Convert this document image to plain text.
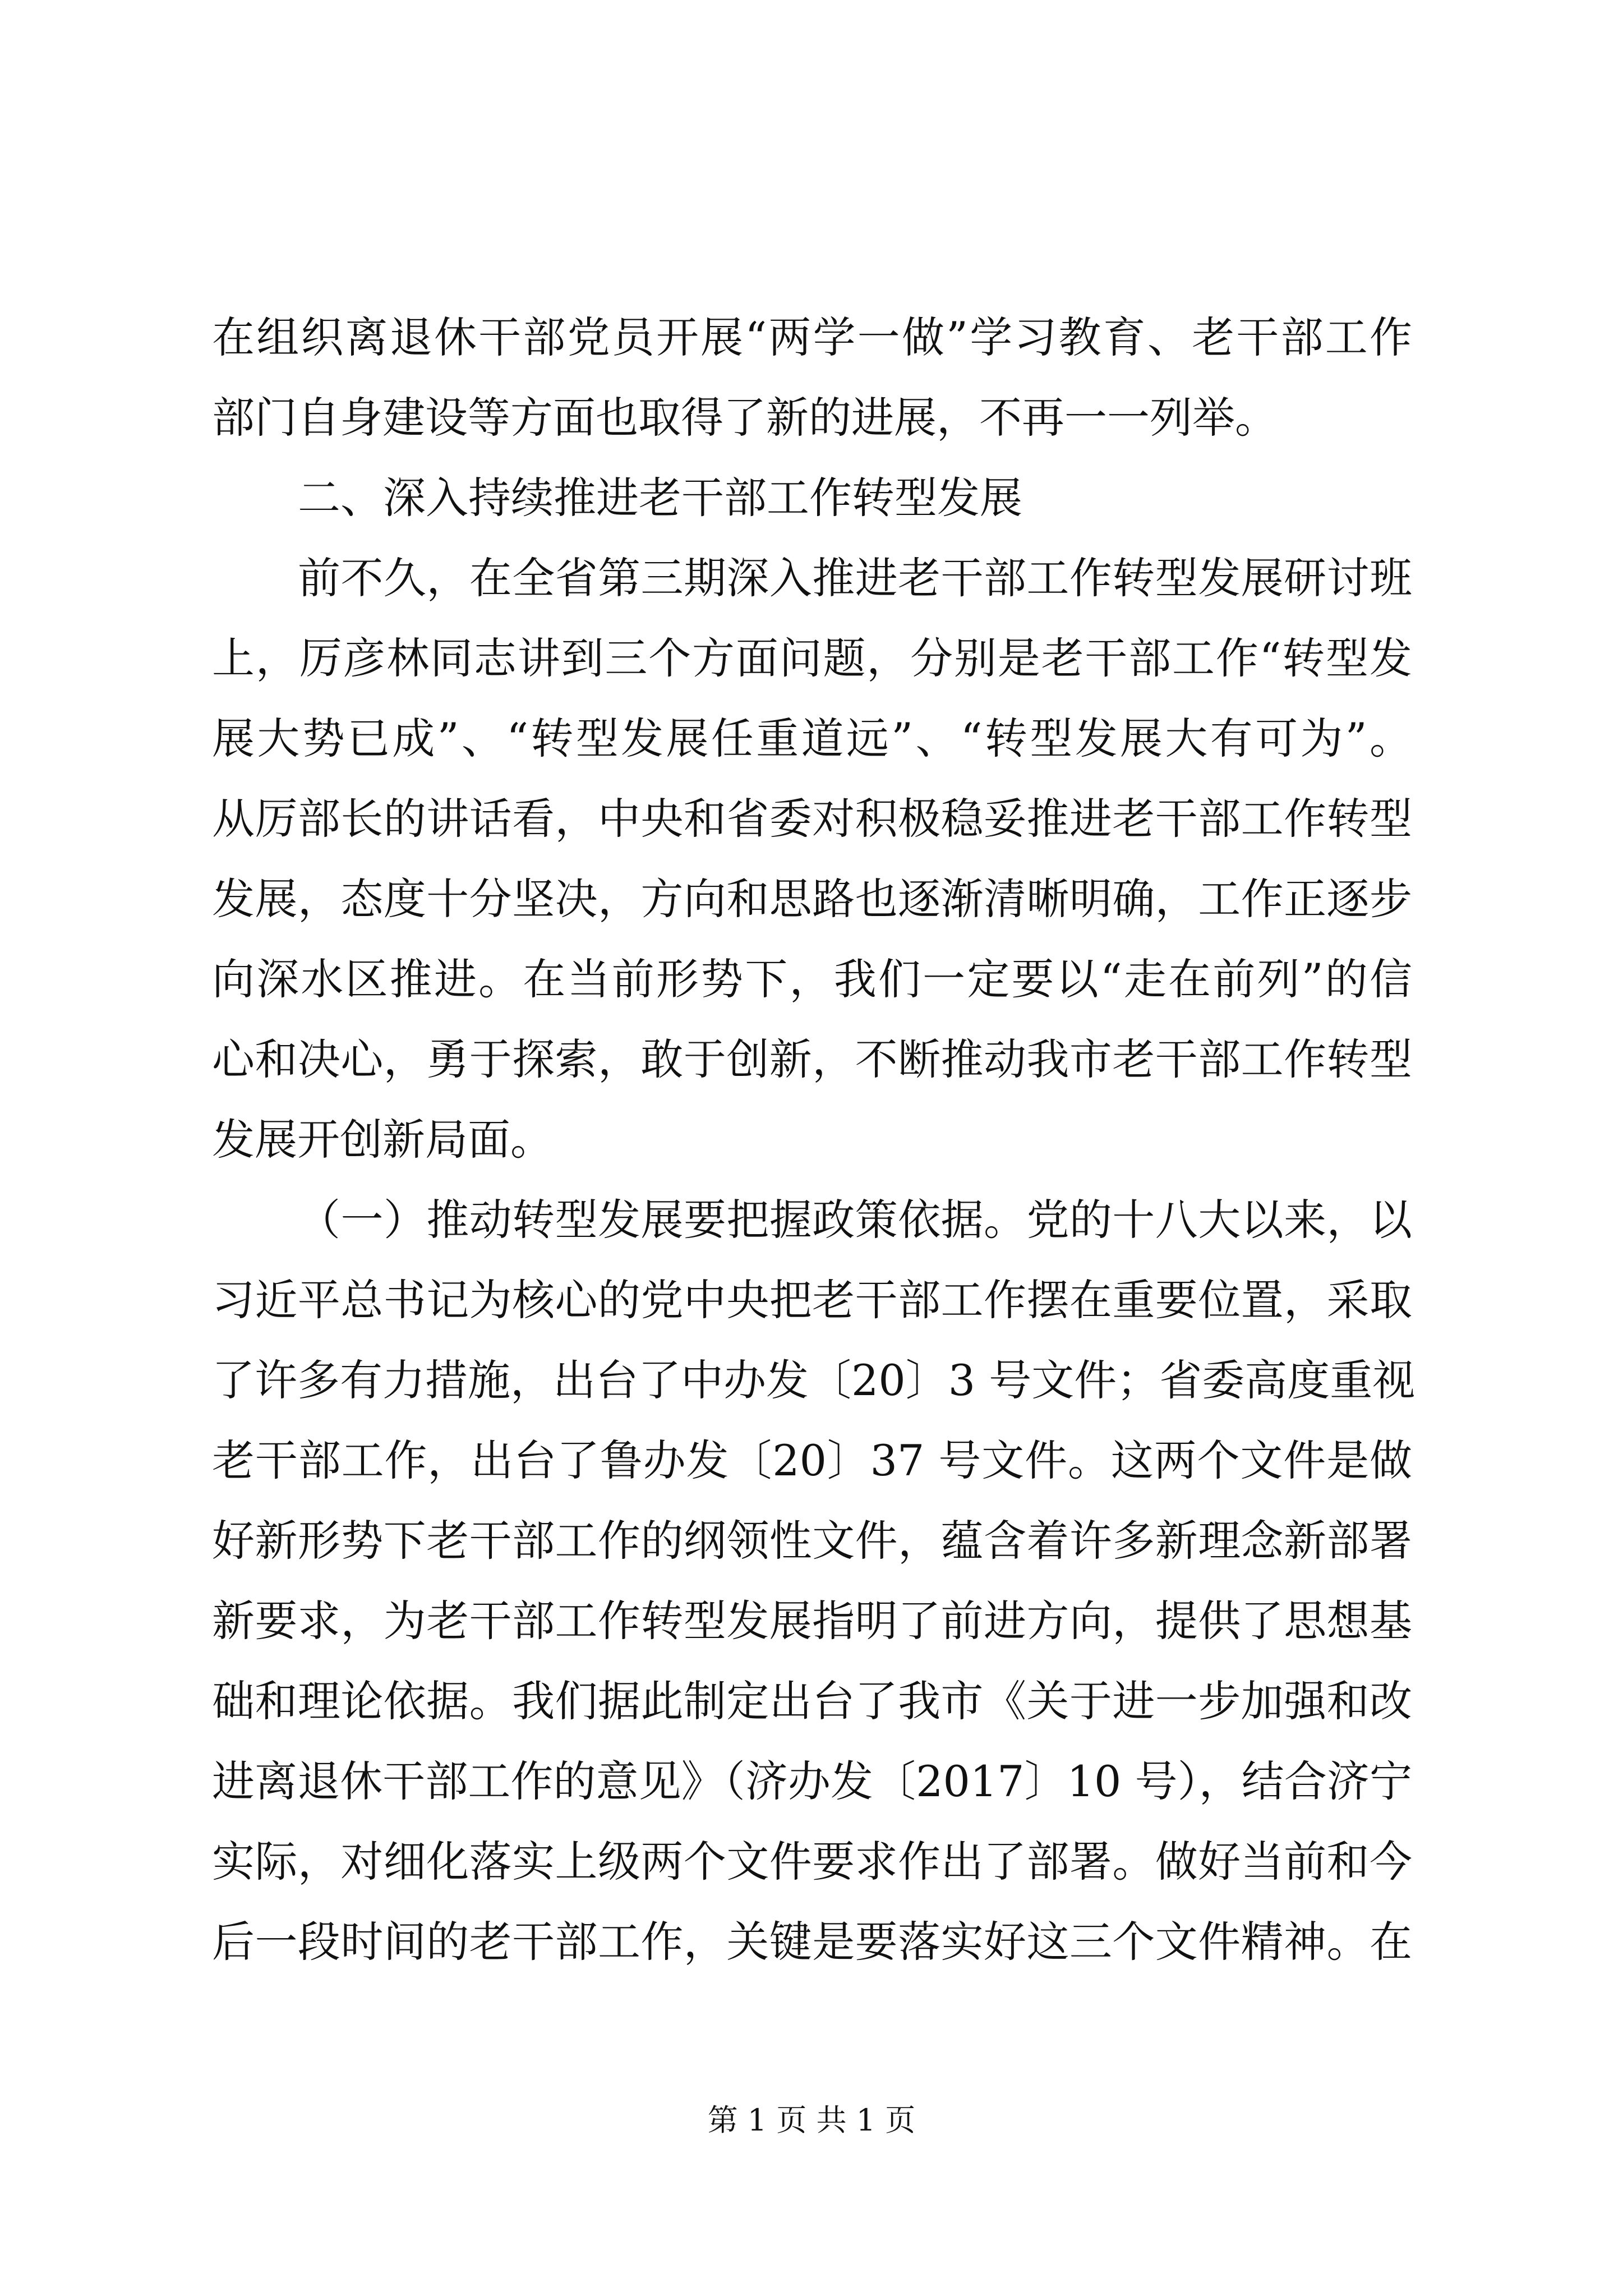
在组织离退休干部党员开展“两学一做”学习教育、老干部工作
部门自身建设等方面也取得了新的进展，不再一一列举。
二、深入持续推进老干部工作转型发展
前不久，在全省第三期深入推进老干部工作转型发展研讨班
上，厉彦林同志讲到三个方面问题，分别是老干部工作“转型发
展大势已成”、“转型发展任重道远”、“转型发展大有可为”。
从厉部长的讲话看，中央和省委对积极稳妥推进老干部工作转型
发展，态度十分坚决，方向和思路也逐渐清晰明确，工作正逐步
向深水区推进。在当前形势下，我们一定要以“走在前列”的信
心和决心，勇于探索，敢于创新，不断推动我市老干部工作转型
发展开创新局面。
（一）推动转型发展要把握政策依据。党的十八大以来，以
习近平总书记为核心的党中央把老干部工作摆在重要位置，采取
了许多有力措施，出台了中办发〔20〕3 号文件；省委高度重视
老干部工作，出台了鲁办发〔20〕37 号文件。这两个文件是做
好新形势下老干部工作的纲领性文件，蕴含着许多新理念新部署
新要求，为老干部工作转型发展指明了前进方向，提供了思想基
础和理论依据。我们据此制定出台了我市《关于进一步加强和改
进离退休干部工作的意见》（济办发〔2017〕10 号），结合济宁
实际，对细化落实上级两个文件要求作出了部署。做好当前和今
后一段时间的老干部工作，关键是要落实好这三个文件精神。在
第 1 页 共 1 页
